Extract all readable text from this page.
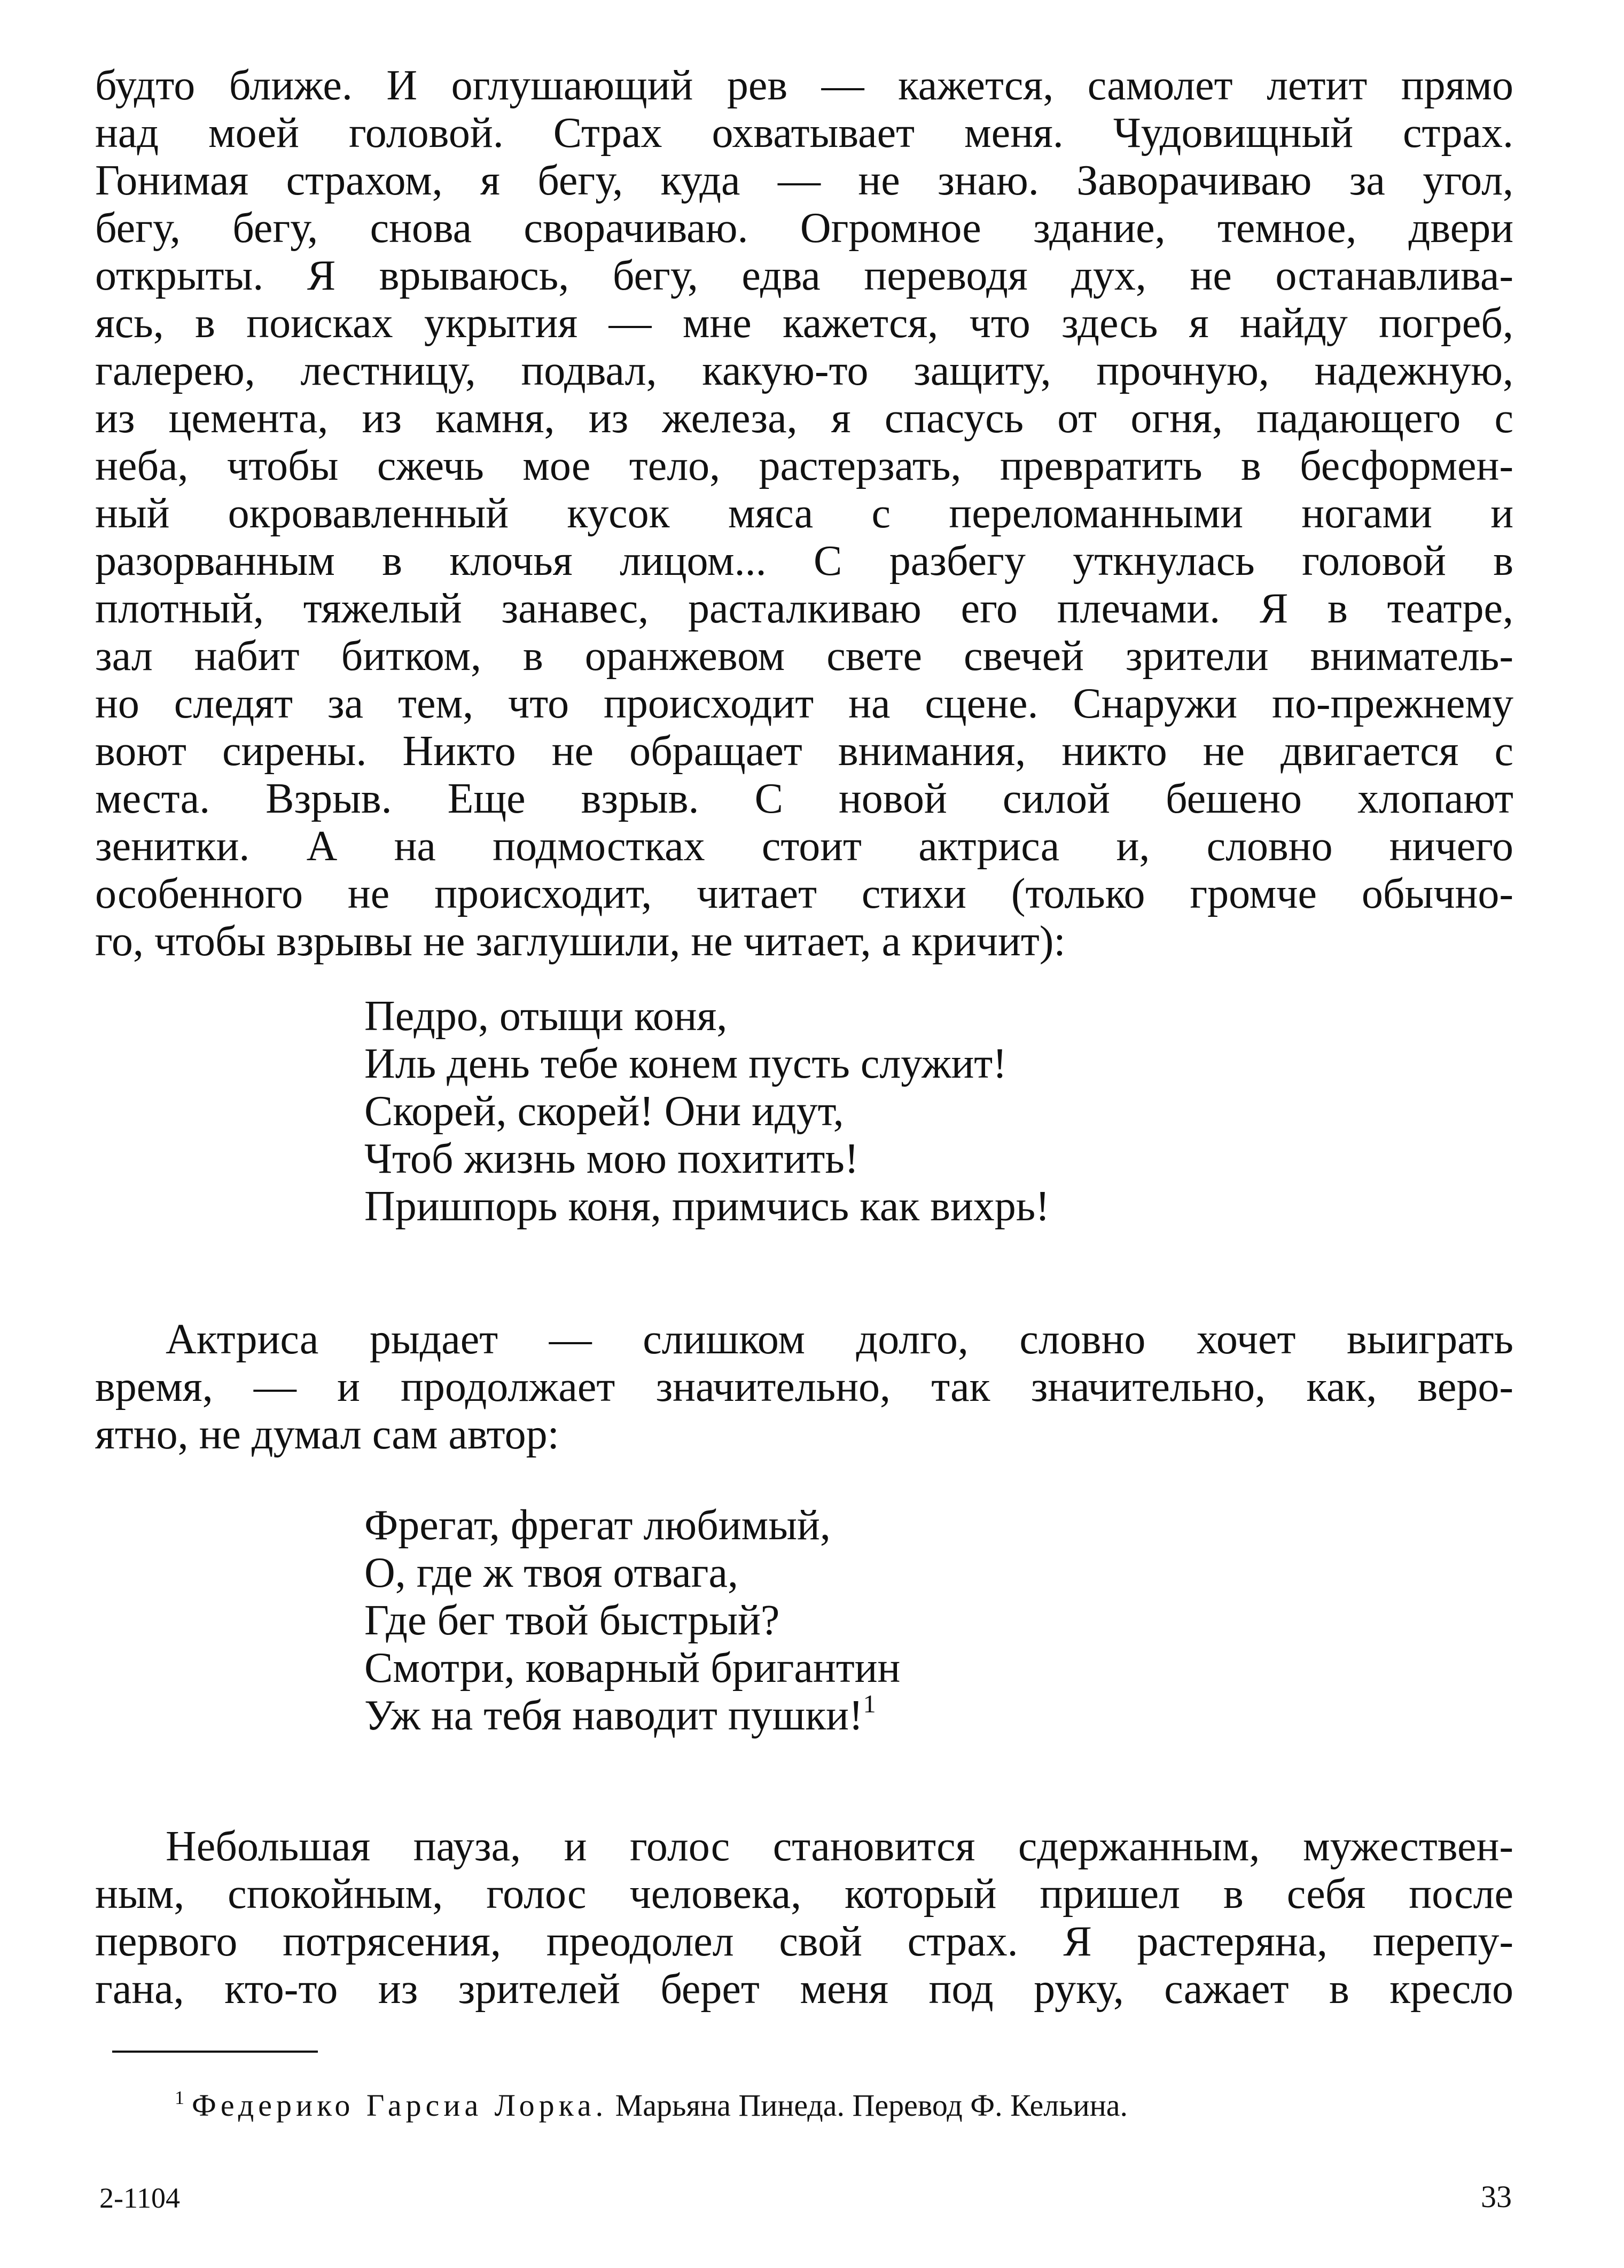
будто ближе. И оглушающий рев — кажется, самолет летит прямо
над моей головой. Страх охватывает меня. Чудовищный страх.
Гонимая страхом, я бегу, куда — не знаю. Заворачиваю за угол,
бегу, бегу, снова сворачиваю. Огромное здание, темное, двери
открыты. Я врываюсь, бегу, едва переводя дух, не останавлива-
ясь, в поисках укрытия — мне кажется, что здесь я найду погреб,
галерею, лестницу, подвал, какую-то защиту, прочную, надежную,
из цемента, из камня, из железа, я спасусь от огня, падающего с
неба, чтобы сжечь мое тело, растерзать, превратить в бесформен-
ный окровавленный кусок мяса с переломанными ногами и
разорванным в клочья лицом... С разбегу уткнулась головой в
плотный, тяжелый занавес, расталкиваю его плечами. Я в театре,
зал набит битком, в оранжевом свете свечей зрители вниматель-
но следят за тем, что происходит на сцене. Снаружи по-прежнему
воют сирены. Никто не обращает внимания, никто не двигается с
места. Взрыв. Еще взрыв. С новой силой бешено хлопают
зенитки. А на подмостках стоит актриса и, словно ничего
особенного не происходит, читает стихи (только громче обычно-
го, чтобы взрывы не заглушили, не читает, а кричит):

Педро, отыщи коня,
Иль день тебе конем пусть служит!
Скорей, скорей! Они идут,
Чтоб жизнь мою похитить!
Пришпорь коня, примчись как вихрь!

Актриса рыдает — слишком долго, словно хочет выиграть
время, — и продолжает значительно, так значительно, как, веро-
ятно, не думал сам автор:

Фрегат, фрегат любимый,
О, где ж твоя отвага,
Где бег твой быстрый?
Смотри, коварный бригантин
Уж на тебя наводит пушки!$^1$

Небольшая пауза, и голос становится сдержанным, мужествен-
ным, спокойным, голос человека, который пришел в себя после
первого потрясения, преодолел свой страх. Я растеряна, перепу-
гана, кто-то из зрителей берет меня под руку, сажает в кресло

$^1$ Федерико Гарсиа Лорка. Марьяна Пинеда. Перевод Ф. Кельина.

2-1104	33
